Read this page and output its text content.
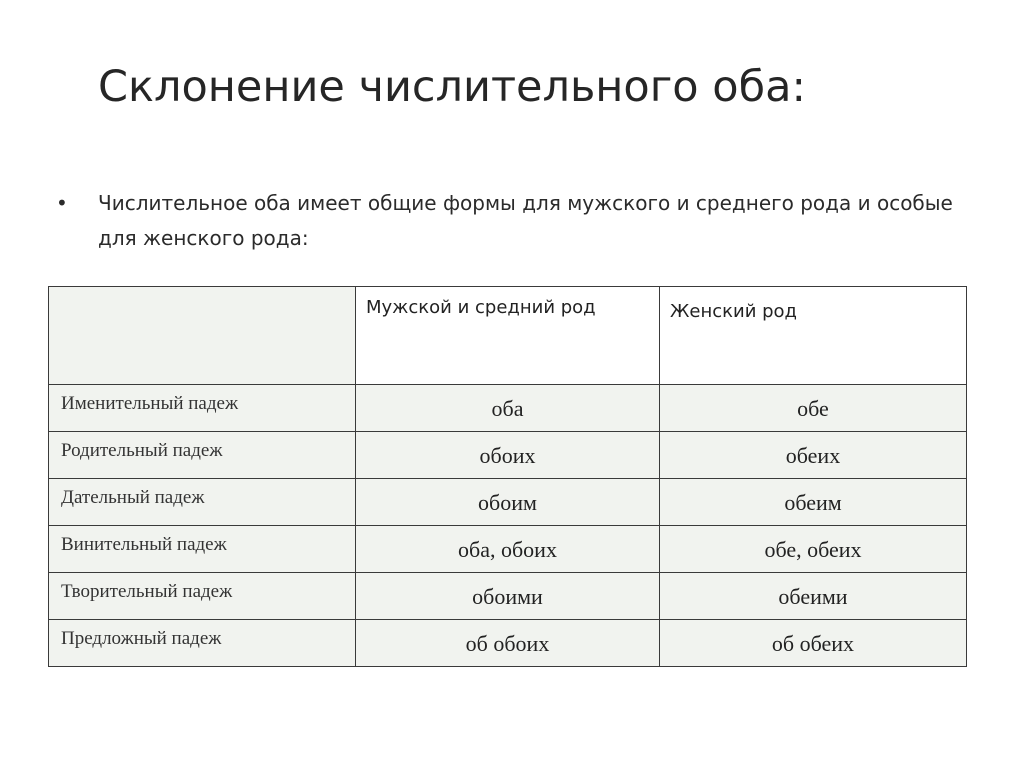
Склонение числительного оба:
•	Числительное оба имеет общие формы для мужского и среднего рода и особые для женского рода:

	Мужской и средний род	Женский род

Именительный падеж	оба	обе

Родительный падеж	обоих	обеих

Дательный падеж	обоим	обеим

Винительный падеж	оба, обоих	обе, обеих

Творительный падеж	обоими	обеими

Предложный падеж	об обоих	об обеих
